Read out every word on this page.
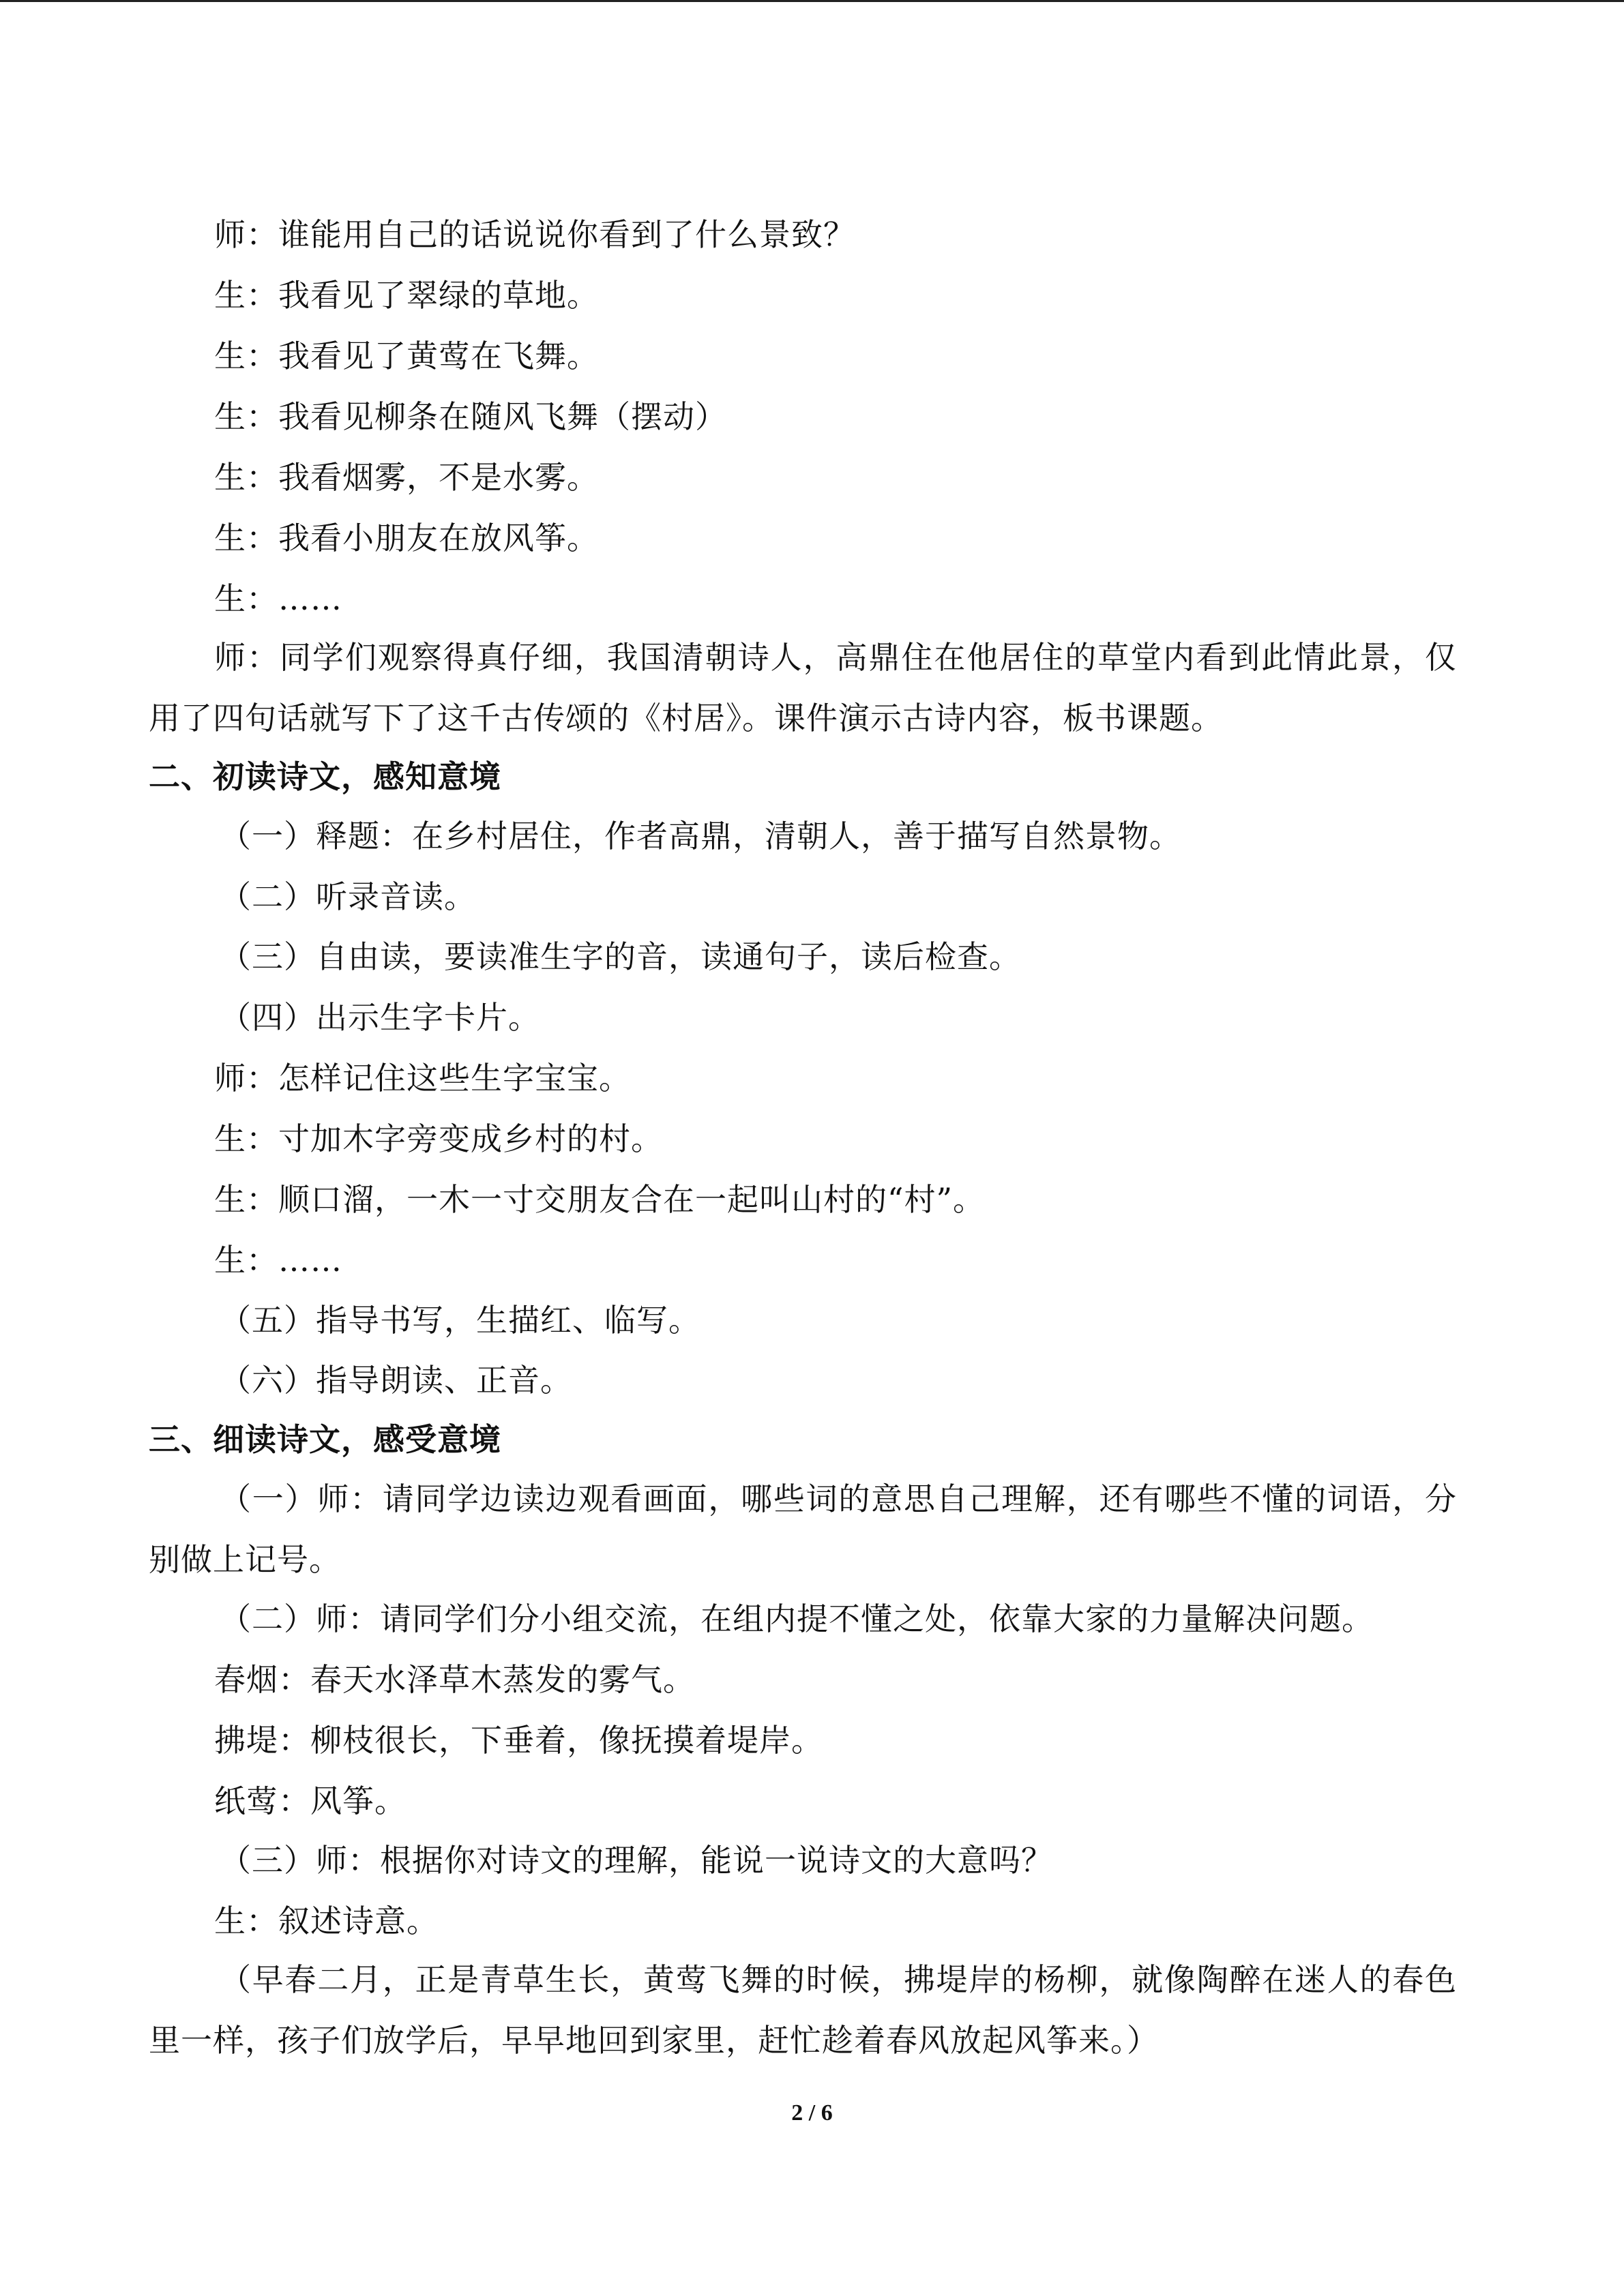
师：谁能用自己的话说说你看到了什么景致？
生：我看见了翠绿的草地。
生：我看见了黄莺在飞舞。
生：我看见柳条在随风飞舞（摆动）
生：我看烟雾，不是水雾。
生：我看小朋友在放风筝。
生：……
师：同学们观察得真仔细，我国清朝诗人，高鼎住在他居住的草堂内看到此情此景，仅
用了四句话就写下了这千古传颂的《村居》。课件演示古诗内容，板书课题。
二、初读诗文，感知意境
（一）释题：在乡村居住，作者高鼎，清朝人，善于描写自然景物。
（二）听录音读。
（三）自由读，要读准生字的音，读通句子，读后检查。
（四）出示生字卡片。
师：怎样记住这些生字宝宝。
生：寸加木字旁变成乡村的村。
生：顺口溜，一木一寸交朋友合在一起叫山村的“村”。
生：……
（五）指导书写，生描红、临写。
（六）指导朗读、正音。
三、细读诗文，感受意境
（一）师：请同学边读边观看画面，哪些词的意思自己理解，还有哪些不懂的词语，分
别做上记号。
（二）师：请同学们分小组交流，在组内提不懂之处，依靠大家的力量解决问题。
春烟：春天水泽草木蒸发的雾气。
拂堤：柳枝很长，下垂着，像抚摸着堤岸。
纸莺：风筝。
（三）师：根据你对诗文的理解，能说一说诗文的大意吗？
生：叙述诗意。
（早春二月，正是青草生长，黄莺飞舞的时候，拂堤岸的杨柳，就像陶醉在迷人的春色
里一样，孩子们放学后，早早地回到家里，赶忙趁着春风放起风筝来。）
2 / 6
